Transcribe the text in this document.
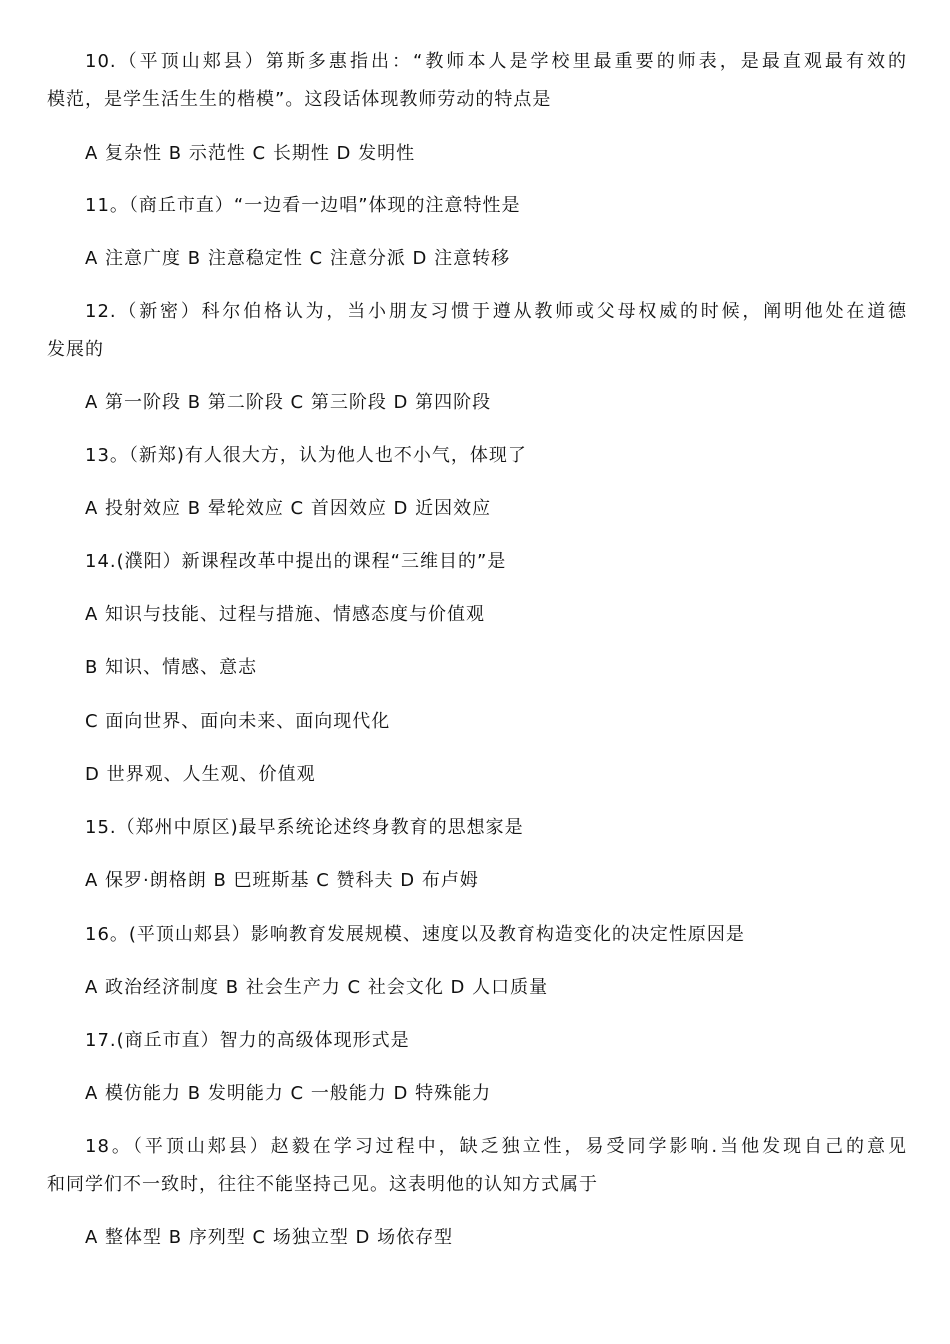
10.（平顶山郏县）第斯多惠指出：“教师本人是学校里最重要的师表，是最直观最有效的
模范，是学生活生生的楷模”。这段话体现教师劳动的特点是
A 复杂性 B 示范性 C 长期性 D 发明性
11。（商丘市直）“一边看一边唱”体现的注意特性是
A 注意广度 B 注意稳定性 C 注意分派 D 注意转移
12.（新密）科尔伯格认为，当小朋友习惯于遵从教师或父母权威的时候，阐明他处在道德
发展的
A 第一阶段 B 第二阶段 C 第三阶段 D 第四阶段
13。（新郑)有人很大方，认为他人也不小气，体现了
A 投射效应 B 晕轮效应 C 首因效应 D 近因效应
14.(濮阳）新课程改革中提出的课程“三维目的”是
A 知识与技能、过程与措施、情感态度与价值观
B 知识、情感、意志
C 面向世界、面向未来、面向现代化
D 世界观、人生观、价值观
15.（郑州中原区)最早系统论述终身教育的思想家是
A 保罗·朗格朗 B 巴班斯基 C 赞科夫 D 布卢姆
16。(平顶山郏县）影响教育发展规模、速度以及教育构造变化的决定性原因是
A 政治经济制度 B 社会生产力 C 社会文化 D 人口质量
17.(商丘市直）智力的高级体现形式是
A 模仿能力 B 发明能力 C 一般能力 D 特殊能力
18。（平顶山郏县）赵毅在学习过程中，缺乏独立性，易受同学影响.当他发现自己的意见
和同学们不一致时，往往不能坚持己见。这表明他的认知方式属于
A 整体型 B 序列型 C 场独立型 D 场依存型
